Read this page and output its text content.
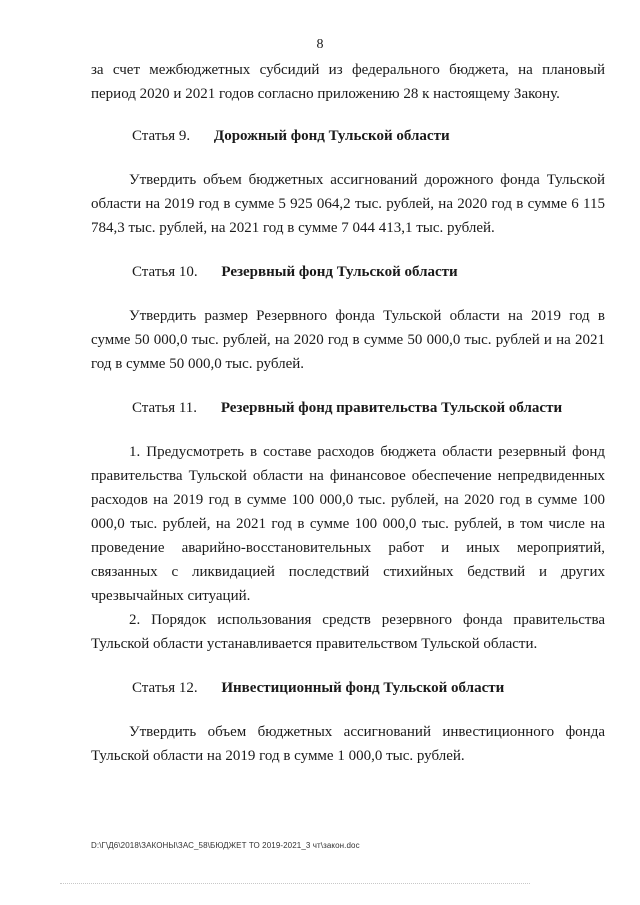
8

за счет межбюджетных субсидий из федерального бюджета, на плановый период 2020 и 2021 годов согласно приложению 28 к настоящему Закону.

Статья 9. Дорожный фонд Тульской области

Утвердить объем бюджетных ассигнований дорожного фонда Тульской области на 2019 год в сумме 5 925 064,2 тыс. рублей, на 2020 год в сумме 6 115 784,3 тыс. рублей, на 2021 год в сумме 7 044 413,1 тыс. рублей.

Статья 10. Резервный фонд Тульской области

Утвердить размер Резервного фонда Тульской области на 2019 год в сумме 50 000,0 тыс. рублей, на 2020 год в сумме 50 000,0 тыс. рублей и на 2021 год в сумме 50 000,0 тыс. рублей.

Статья 11. Резервный фонд правительства Тульской области

1. Предусмотреть в составе расходов бюджета области резервный фонд правительства Тульской области на финансовое обеспечение непредвиденных расходов на 2019 год в сумме 100 000,0 тыс. рублей, на 2020 год в сумме 100 000,0 тыс. рублей, на 2021 год в сумме 100 000,0 тыс. рублей, в том числе на проведение аварийно-восстановительных работ и иных мероприятий, связанных с ликвидацией последствий стихийных бедствий и других чрезвычайных ситуаций.

2. Порядок использования средств резервного фонда правительства Тульской области устанавливается правительством Тульской области.

Статья 12. Инвестиционный фонд Тульской области

Утвердить объем бюджетных ассигнований инвестиционного фонда Тульской области на 2019 год в сумме 1 000,0 тыс. рублей.

D:\Г\Д6\2018\ЗАКОНЫ\ЗАС_58\БЮДЖЕТ ТО 2019-2021_3 чт\закон.doc
